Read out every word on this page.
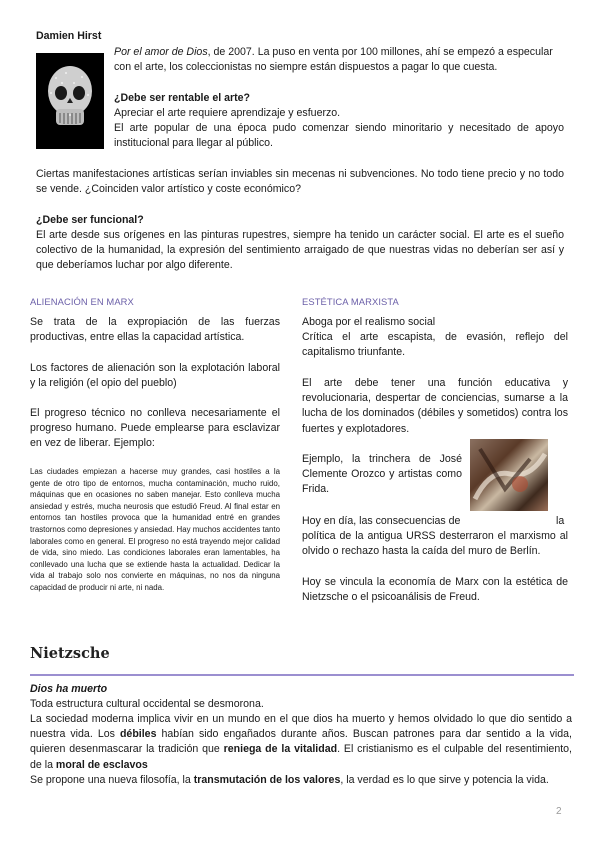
Damien Hirst

Por el amor de Dios, de 2007. La puso en venta por 100 millones, ahí se empezó a especular con el arte, los coleccionistas no siempre están dispuestos a pagar lo que cuesta.

¿Debe ser rentable el arte?
Apreciar el arte requiere aprendizaje y esfuerzo.

El arte popular de una época pudo comenzar siendo minoritario y necesitado de apoyo institucional para llegar al público.

Ciertas manifestaciones artísticas serían inviables sin mecenas ni subvenciones. No todo tiene precio y no todo se vende. ¿Coinciden valor artístico y coste económico?

¿Debe ser funcional?

El arte desde sus orígenes en las pinturas rupestres, siempre ha tenido un carácter social. El arte es el sueño colectivo de la humanidad, la expresión del sentimiento arraigado de que nuestras vidas no deberían ser así y que deberíamos luchar por algo diferente.

ALIENACIÓN EN MARX

Se trata de la expropiación de las fuerzas productivas, entre ellas la capacidad artística.

Los factores de alienación son la explotación laboral y la religión (el opio del pueblo)

El progreso técnico no conlleva necesariamente el progreso humano. Puede emplearse para esclavizar en vez de liberar. Ejemplo:

Las ciudades empiezan a hacerse muy grandes, casi hostiles a la gente de otro tipo de entornos, mucha contaminación, mucho ruido, máquinas que en ocasiones no saben manejar. Esto conlleva mucha ansiedad y estrés, mucha neurosis que estudió Freud. Al final estar en entornos tan hostiles provoca que la humanidad entré en grandes trastornos como depresiones y ansiedad. Hay muchos accidentes tanto laborales como en general. El progreso no está trayendo mejor calidad de vida, sino miedo. Las condiciones laborales eran lamentables, ha conllevado una lucha que se extiende hasta la actualidad. Dedicar la vida al trabajo solo nos convierte en máquinas, no nos da ninguna capacidad de producir ni arte, ni nada.

ESTÉTICA MARXISTA
Aboga por el realismo social

Crítica el arte escapista, de evasión, reflejo del capitalismo triunfante.

El arte debe tener una función educativa y revolucionaria, despertar de conciencias, sumarse a la lucha de los dominados (débiles y sometidos) contra los fuertes y explotadores.

Ejemplo, la trinchera de José Clemente Orozco y artistas como Frida.

Hoy en día, las consecuencias de	la

política de la antigua URSS desterraron el marxismo al olvido o rechazo hasta la caída del muro de Berlín.

Hoy se vincula la economía de Marx con la estética de Nietzsche o el psicoanálisis de Freud.

Nietzsche
Dios ha muerto
Toda estructura cultural occidental se desmorona.

La sociedad moderna implica vivir en un mundo en el que dios ha muerto y hemos olvidado lo que dio sentido a nuestra vida. Los débiles habían sido engañados durante años. Buscan patrones para dar sentido a la vida, quieren desenmascarar la tradición que reniega de la vitalidad. El cristianismo es el culpable del resentimiento, de la moral de esclavos

Se propone una nueva filosofía, la transmutación de los valores, la verdad es lo que sirve y potencia la vida.

2
